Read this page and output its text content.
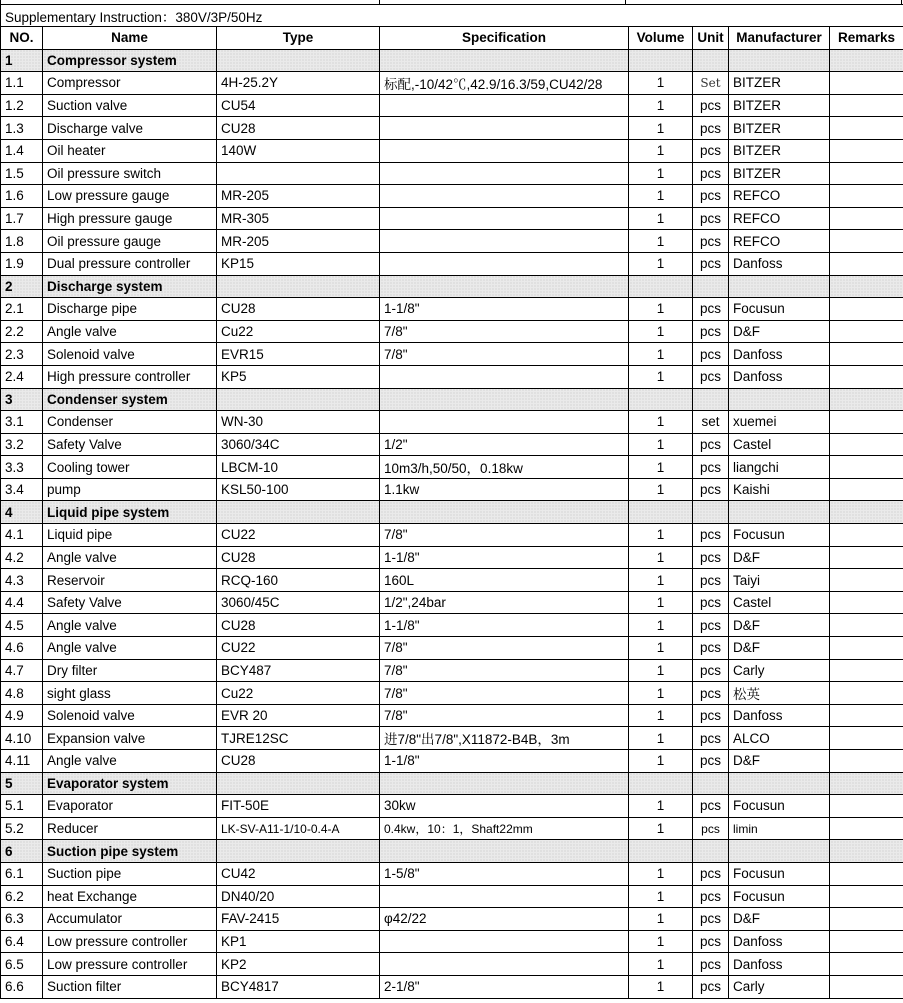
Supplementary Instruction：380V/3P/50Hz							
NO.	Name	Type	Specification	Volume	Unit	Manufacturer	Remarks
1	Compressor system						
1.1	Compressor	4H-25.2Y	标配,-10/42℃,42.9/16.3/59,CU42/28	1	Set	BITZER	
1.2	Suction valve	CU54		1	pcs	BITZER	
1.3	Discharge valve	CU28		1	pcs	BITZER	
1.4	Oil heater	140W		1	pcs	BITZER	
1.5	Oil pressure switch			1	pcs	BITZER	
1.6	Low pressure gauge	MR-205		1	pcs	REFCO	
1.7	High pressure gauge	MR-305		1	pcs	REFCO	
1.8	Oil pressure gauge	MR-205		1	pcs	REFCO	
1.9	Dual pressure controller	KP15		1	pcs	Danfoss	
2	Discharge system						
2.1	Discharge pipe	CU28	1-1/8"	1	pcs	Focusun	
2.2	Angle valve	Cu22	7/8"	1	pcs	D&F	
2.3	Solenoid valve	EVR15	7/8"	1	pcs	Danfoss	
2.4	High pressure controller	KP5		1	pcs	Danfoss	
3	Condenser system						
3.1	Condenser	WN-30		1	set	xuemei	
3.2	Safety Valve	3060/34C	1/2"	1	pcs	Castel	
3.3	Cooling tower	LBCM-10	10m3/h,50/50，0.18kw	1	pcs	liangchi	
3.4	pump	KSL50-100	1.1kw	1	pcs	Kaishi	
4	Liquid pipe system						
4.1	Liquid pipe	CU22	7/8"	1	pcs	Focusun	
4.2	Angle valve	CU28	1-1/8"	1	pcs	D&F	
4.3	Reservoir	RCQ-160	160L	1	pcs	Taiyi	
4.4	Safety Valve	3060/45C	1/2",24bar	1	pcs	Castel	
4.5	Angle valve	CU28	1-1/8"	1	pcs	D&F	
4.6	Angle valve	CU22	7/8"	1	pcs	D&F	
4.7	Dry filter	BCY487	7/8"	1	pcs	Carly	
4.8	sight glass	Cu22	7/8"	1	pcs	松英	
4.9	Solenoid valve	EVR 20	7/8"	1	pcs	Danfoss	
4.10	Expansion valve	TJRE12SC	进7/8"出7/8",X11872-B4B，3m	1	pcs	ALCO	
4.11	Angle valve	CU28	1-1/8"	1	pcs	D&F	
5	Evaporator system						
5.1	Evaporator	FIT-50E	30kw	1	pcs	Focusun	
5.2	Reducer	LK-SV-A11-1/10-0.4-A	0.4kw，10：1，Shaft22mm	1	pcs	limin	
6	Suction pipe system						
6.1	Suction pipe	CU42	1-5/8"	1	pcs	Focusun	
6.2	heat Exchange	DN40/20		1	pcs	Focusun	
6.3	Accumulator	FAV-2415	φ42/22	1	pcs	D&F	
6.4	Low pressure controller	KP1		1	pcs	Danfoss	
6.5	Low pressure controller	KP2		1	pcs	Danfoss	
6.6	Suction filter	BCY4817	2-1/8"	1	pcs	Carly	
